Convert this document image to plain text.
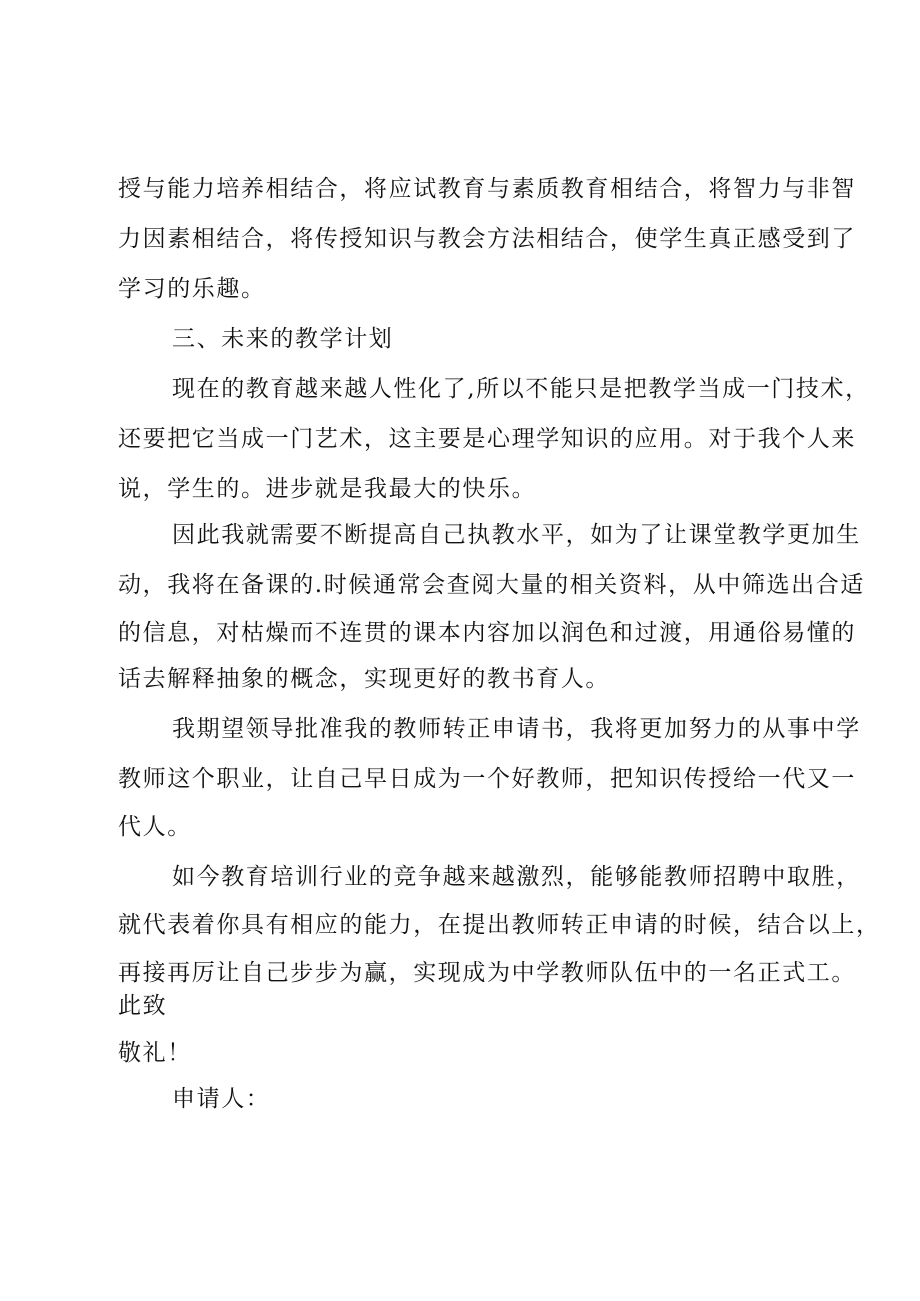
授与能力培养相结合，将应试教育与素质教育相结合，将智力与非智
力因素相结合，将传授知识与教会方法相结合，使学生真正感受到了
学习的乐趣。
三、未来的教学计划
现在的教育越来越人性化了,所以不能只是把教学当成一门技术，
还要把它当成一门艺术，这主要是心理学知识的应用。对于我个人来
说，学生的。进步就是我最大的快乐。
因此我就需要不断提高自己执教水平，如为了让课堂教学更加生
动，我将在备课的.时候通常会查阅大量的相关资料，从中筛选出合适
的信息，对枯燥而不连贯的课本内容加以润色和过渡，用通俗易懂的
话去解释抽象的概念，实现更好的教书育人。
我期望领导批准我的教师转正申请书，我将更加努力的从事中学
教师这个职业，让自己早日成为一个好教师，把知识传授给一代又一
代人。
如今教育培训行业的竞争越来越激烈，能够能教师招聘中取胜，
就代表着你具有相应的能力，在提出教师转正申请的时候，结合以上，
再接再厉让自己步步为赢，实现成为中学教师队伍中的一名正式工。
此致
敬礼！
申请人：
